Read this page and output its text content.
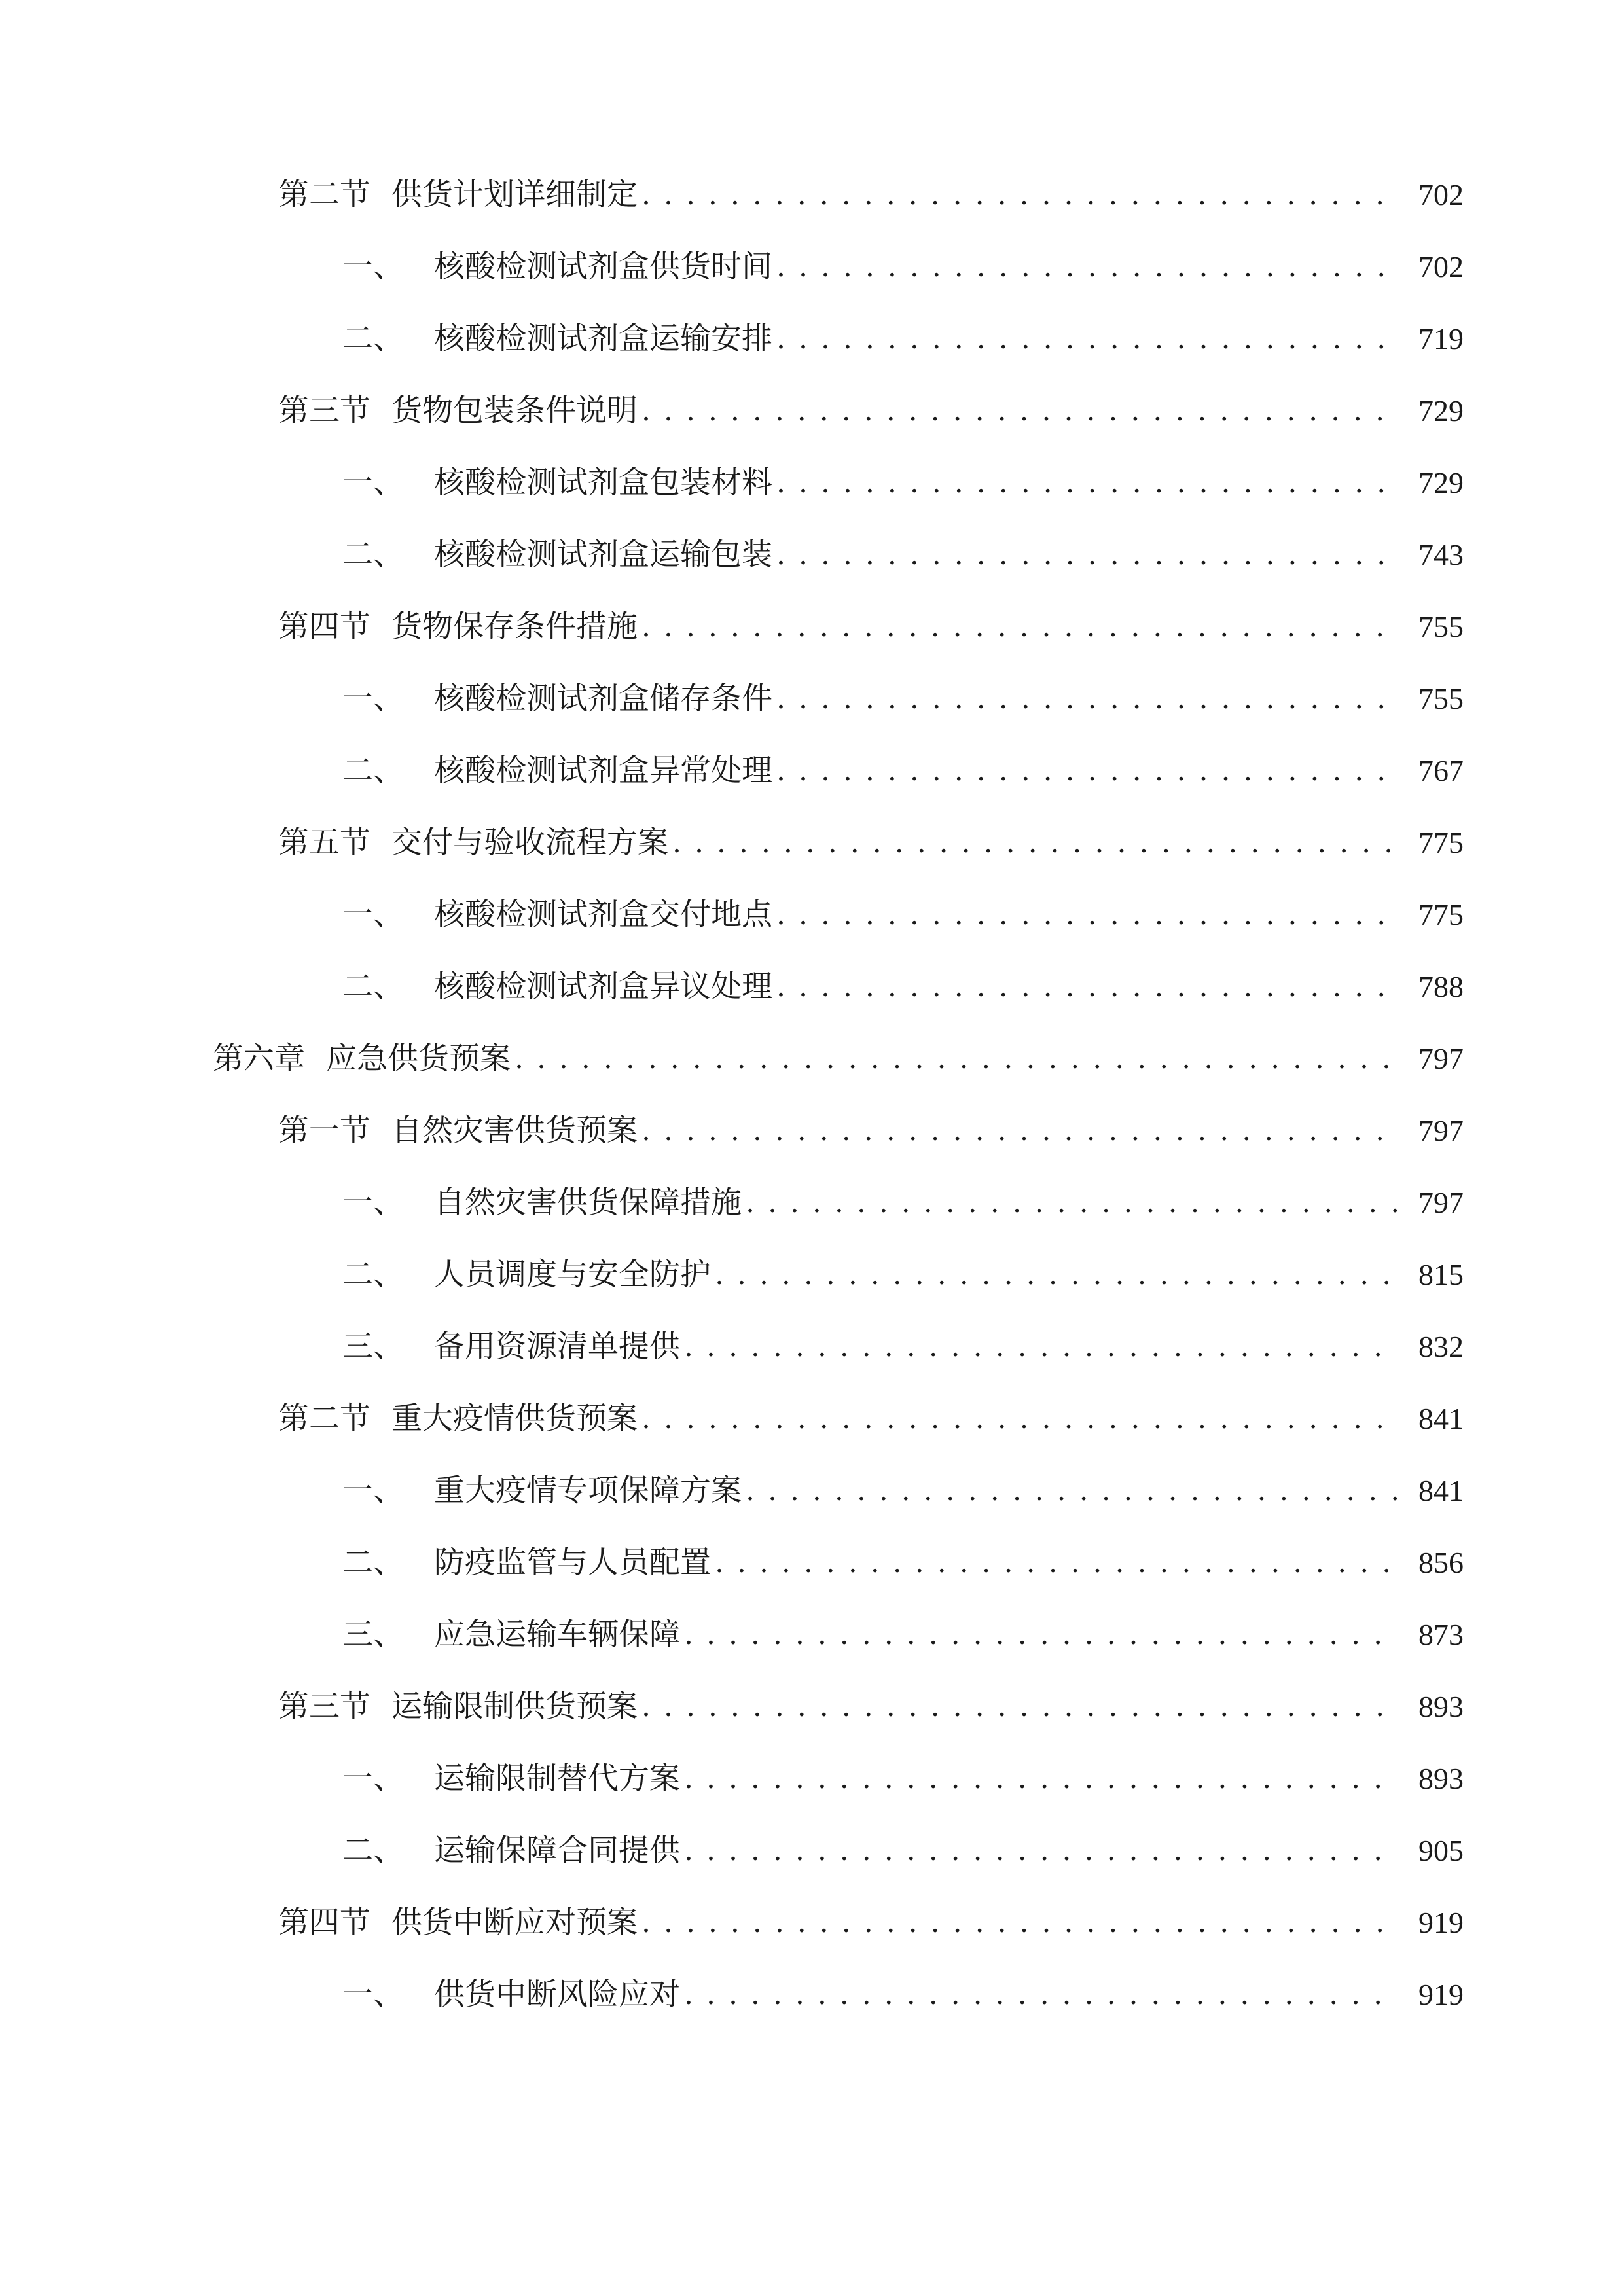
第二节 供货计划详细制定 . . .	702
一、 核酸检测试剂盒供货时间 . . .	702
二、 核酸检测试剂盒运输安排 . . .	719
第三节 货物包装条件说明 . . .	729
一、 核酸检测试剂盒包装材料 . . .	729
二、 核酸检测试剂盒运输包装 . . .	743
第四节 货物保存条件措施 . . .	755
一、 核酸检测试剂盒储存条件 . . .	755
二、 核酸检测试剂盒异常处理 . . .	767
第五节 交付与验收流程方案 . . .	775
一、 核酸检测试剂盒交付地点 . . .	775
二、 核酸检测试剂盒异议处理 . . .	788
第六章 应急供货预案 . . .	797
第一节 自然灾害供货预案 . . .	797
一、 自然灾害供货保障措施 . . .	797
二、 人员调度与安全防护 . . .	815
三、 备用资源清单提供 . . .	832
第二节 重大疫情供货预案 . . .	841
一、 重大疫情专项保障方案 . . .	841
二、 防疫监管与人员配置 . . .	856
三、 应急运输车辆保障 . . .	873
第三节 运输限制供货预案 . . .	893
一、 运输限制替代方案 . . .	893
二、 运输保障合同提供 . . .	905
第四节 供货中断应对预案 . . .	919
一、 供货中断风险应对 . . .	919
